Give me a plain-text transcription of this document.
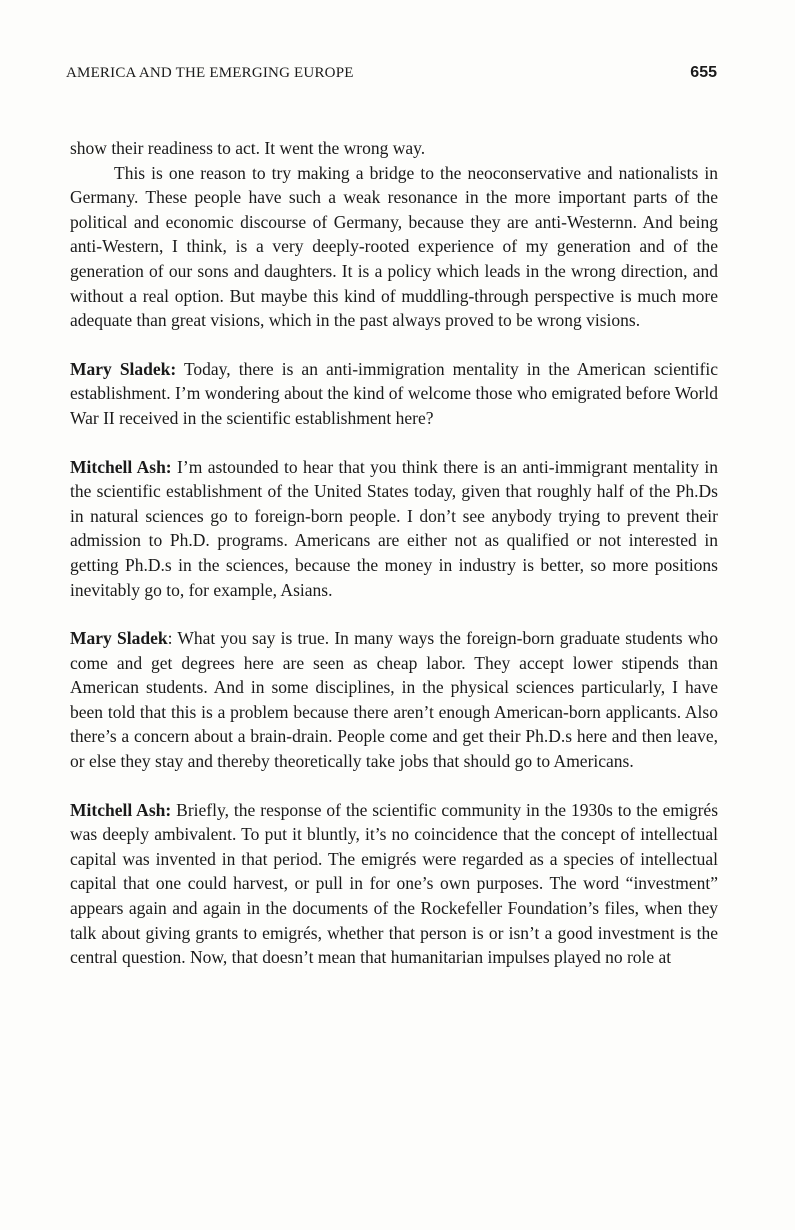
AMERICA AND THE EMERGING EUROPE	655

show their readiness to act. It went the wrong way.

This is one reason to try making a bridge to the neoconservative and nationalists in Germany. These people have such a weak resonance in the more important parts of the political and economic discourse of Germany, because they are anti-Westernn. And being anti-Western, I think, is a very deeply-rooted experience of my generation and of the generation of our sons and daughters. It is a policy which leads in the wrong direction, and without a real option. But maybe this kind of muddling-through perspective is much more adequate than great visions, which in the past always proved to be wrong visions.

Mary Sladek: Today, there is an anti-immigration mentality in the American scientific establishment. I’m wondering about the kind of welcome those who emigrated before World War II received in the scientific establishment here?

Mitchell Ash: I’m astounded to hear that you think there is an anti-immigrant mentality in the scientific establishment of the United States today, given that roughly half of the Ph.Ds in natural sciences go to foreign-born people. I don’t see anybody trying to prevent their admission to Ph.D. programs. Americans are either not as qualified or not interested in getting Ph.D.s in the sciences, because the money in industry is better, so more positions inevitably go to, for example, Asians.

Mary Sladek: What you say is true. In many ways the foreign-born graduate students who come and get degrees here are seen as cheap labor. They accept lower stipends than American students. And in some disciplines, in the physical sciences particularly, I have been told that this is a problem because there aren’t enough American-born applicants. Also there’s a concern about a brain-drain. People come and get their Ph.D.s here and then leave, or else they stay and thereby theoretically take jobs that should go to Americans.

Mitchell Ash: Briefly, the response of the scientific community in the 1930s to the emigrés was deeply ambivalent. To put it bluntly, it’s no coincidence that the concept of intellectual capital was invented in that period. The emigrés were regarded as a species of intellectual capital that one could harvest, or pull in for one’s own purposes. The word “investment” appears again and again in the documents of the Rockefeller Foundation’s files, when they talk about giving grants to emigrés, whether that person is or isn’t a good investment is the central question. Now, that doesn’t mean that humanitarian impulses played no role at
